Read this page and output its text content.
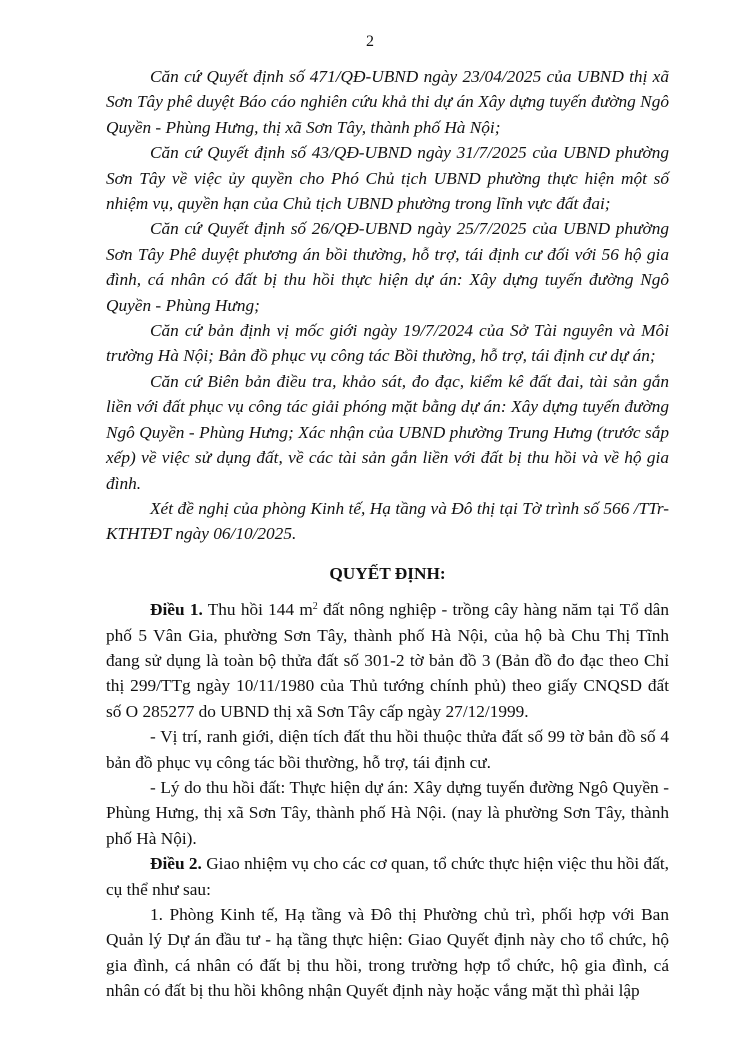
2

Căn cứ Quyết định số 471/QĐ-UBND ngày 23/04/2025 của UBND thị xã Sơn Tây phê duyệt Báo cáo nghiên cứu khả thi dự án Xây dựng tuyến đường Ngô Quyền - Phùng Hưng, thị xã Sơn Tây, thành phố Hà Nội;

Căn cứ Quyết định số 43/QĐ-UBND ngày 31/7/2025 của UBND phường Sơn Tây về việc ủy quyền cho Phó Chủ tịch UBND phường thực hiện một số nhiệm vụ, quyền hạn của Chủ tịch UBND phường trong lĩnh vực đất đai;

Căn cứ Quyết định số 26/QĐ-UBND ngày 25/7/2025 của UBND phường Sơn Tây Phê duyệt phương án bồi thường, hỗ trợ, tái định cư đối với 56 hộ gia đình, cá nhân có đất bị thu hồi thực hiện dự án: Xây dựng tuyến đường Ngô Quyền - Phùng Hưng;

Căn cứ bản định vị mốc giới ngày 19/7/2024 của Sở Tài nguyên và Môi trường Hà Nội; Bản đồ phục vụ công tác Bồi thường, hỗ trợ, tái định cư dự án;

Căn cứ Biên bản điều tra, khảo sát, đo đạc, kiểm kê đất đai, tài sản gắn liền với đất phục vụ công tác giải phóng mặt bằng dự án: Xây dựng tuyến đường Ngô Quyền - Phùng Hưng; Xác nhận của UBND phường Trung Hưng (trước sắp xếp) về việc sử dụng đất, về các tài sản gắn liền với đất bị thu hồi và về hộ gia đình.

Xét đề nghị của phòng Kinh tế, Hạ tầng và Đô thị tại Tờ trình số 566 /TTr-KTHTĐT ngày 06/10/2025.

QUYẾT ĐỊNH:

Điều 1. Thu hồi 144 $m^2$ đất nông nghiệp - trồng cây hàng năm tại Tổ dân phố 5 Vân Gia, phường Sơn Tây, thành phố Hà Nội, của hộ bà Chu Thị Tĩnh đang sử dụng là toàn bộ thửa đất số 301-2 tờ bản đồ 3 (Bản đồ đo đạc theo Chỉ thị 299/TTg ngày 10/11/1980 của Thủ tướng chính phủ) theo giấy CNQSD đất số O 285277 do UBND thị xã Sơn Tây cấp ngày 27/12/1999.

- Vị trí, ranh giới, diện tích đất thu hồi thuộc thửa đất số 99 tờ bản đồ số 4 bản đồ phục vụ công tác bồi thường, hỗ trợ, tái định cư.

- Lý do thu hồi đất: Thực hiện dự án: Xây dựng tuyến đường Ngô Quyền - Phùng Hưng, thị xã Sơn Tây, thành phố Hà Nội. (nay là phường Sơn Tây, thành phố Hà Nội).

Điều 2. Giao nhiệm vụ cho các cơ quan, tổ chức thực hiện việc thu hồi đất, cụ thể như sau:

1. Phòng Kinh tế, Hạ tầng và Đô thị Phường chủ trì, phối hợp với Ban Quản lý Dự án đầu tư - hạ tầng thực hiện: Giao Quyết định này cho tổ chức, hộ gia đình, cá nhân có đất bị thu hồi, trong trường hợp tổ chức, hộ gia đình, cá nhân có đất bị thu hồi không nhận Quyết định này hoặc vắng mặt thì phải lập
